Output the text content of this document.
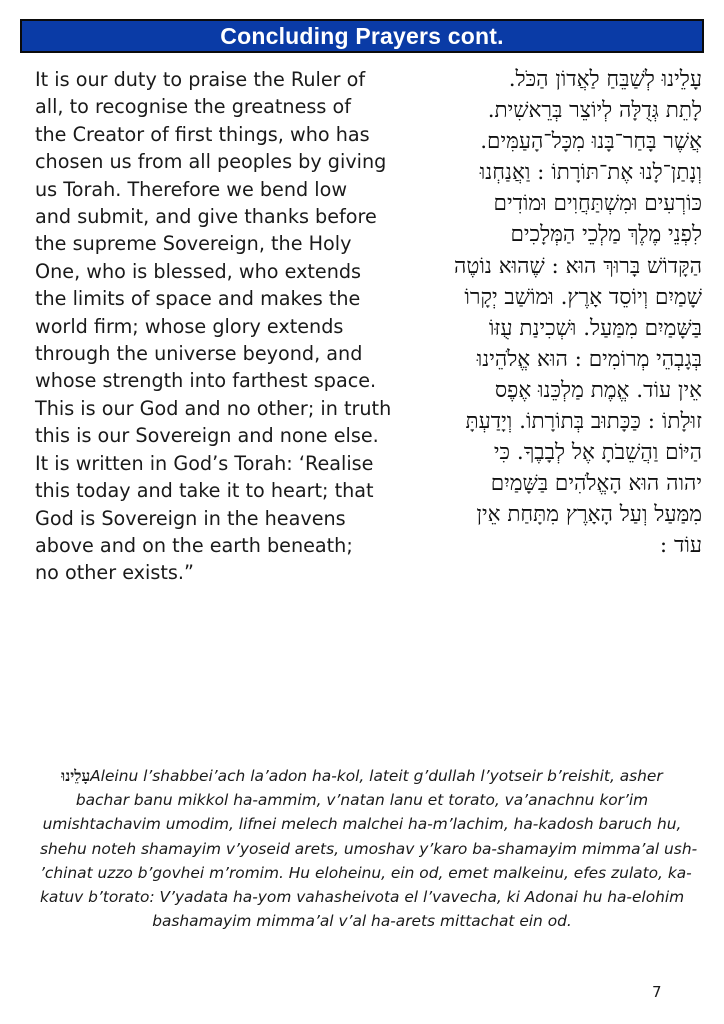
Concluding Prayers cont.

It is our duty to praise the Ruler of
all, to recognise the greatness of
the Creator of first things, who has
chosen us from all peoples by giving
us Torah. Therefore we bend low
and submit, and give thanks before
the supreme Sovereign, the Holy
One, who is blessed, who extends
the limits of space and makes the
world firm; whose glory extends
through the universe beyond, and
whose strength into farthest space.
This is our God and no other; in truth
this is our Sovereign and none else.
It is written in God’s Torah: ‘Realise
this today and take it to heart; that
God is Sovereign in the heavens
above and on the earth beneath;
no other exists.”

עָלֵינוּ לְשַׁבֵּחַ לַאֲדוֹן הַכֹּל.
לָתֵת גְּדֻלָּה לְיוֹצֵר בְּרֵאשִׁית.
אֲשֶׁר בָּחַר־בָּנוּ מִכָּל־הָעַמִּים.
וְנָתַן־לָנוּ אֶת־תּוֹרָתוֹ : וַאֲנַחְנוּ
כּוֹרְעִים וּמִשְׁתַּחֲוִים וּמוֹדִים
לִפְנֵי מֶלֶךְ מַלְכֵי הַמְּלָכִים
הַקָּדוֹשׁ בָּרוּךְ הוּא : שֶׁהוּא נוֹטֶה
שָׁמַיִם וְיוֹסֵד אָרֶץ. וּמוֹשַׁב יְקָרוֹ
בַּשָּׁמַיִם מִמַּעַל. וּשְׁכִינַת עֻזּוֹ
בְּגָבְהֵי מְרוֹמִים : הוּא אֱלֹהֵינוּ
אֵין עוֹד. אֱמֶת מַלְכֵּנוּ אֶפֶס
זוּלָתוֹ : כַּכָּתוּב בְּתוֹרָתוֹ. וְיָדַעְתָּ
הַיּוֹם וַהֲשֵׁבֹתָ אֶל לְבָבֶךָ. כִּי
יהוה הוּא הָאֱלֹהִים בַּשָּׁמַיִם
מִמַּעַל וְעַל הָאָרֶץ מִתָּחַת אֵין
עוֹד :

עָלֵינוּAleinu l’shabbei’ach la’adon ha-kol, lateit g’dullah l’yotseir b’reishit, asher
bachar banu mikkol ha-ammim, v’natan lanu et torato, va’anachnu kor’im
umishtachavim umodim, lifnei melech malchei ha-m’lachim, ha-kadosh baruch hu,
shehu noteh shamayim v’yoseid arets, umoshav y’karo ba-shamayim mimma’al ush-
’chinat uzzo b’govhei m’romim. Hu eloheinu, ein od, emet malkeinu, efes zulato, ka-
katuv b’torato: V’yadata ha-yom vahasheivota el l’vavecha, ki Adonai hu ha-elohim
bashamayim mimma’al v’al ha-arets mittachat ein od.

7
